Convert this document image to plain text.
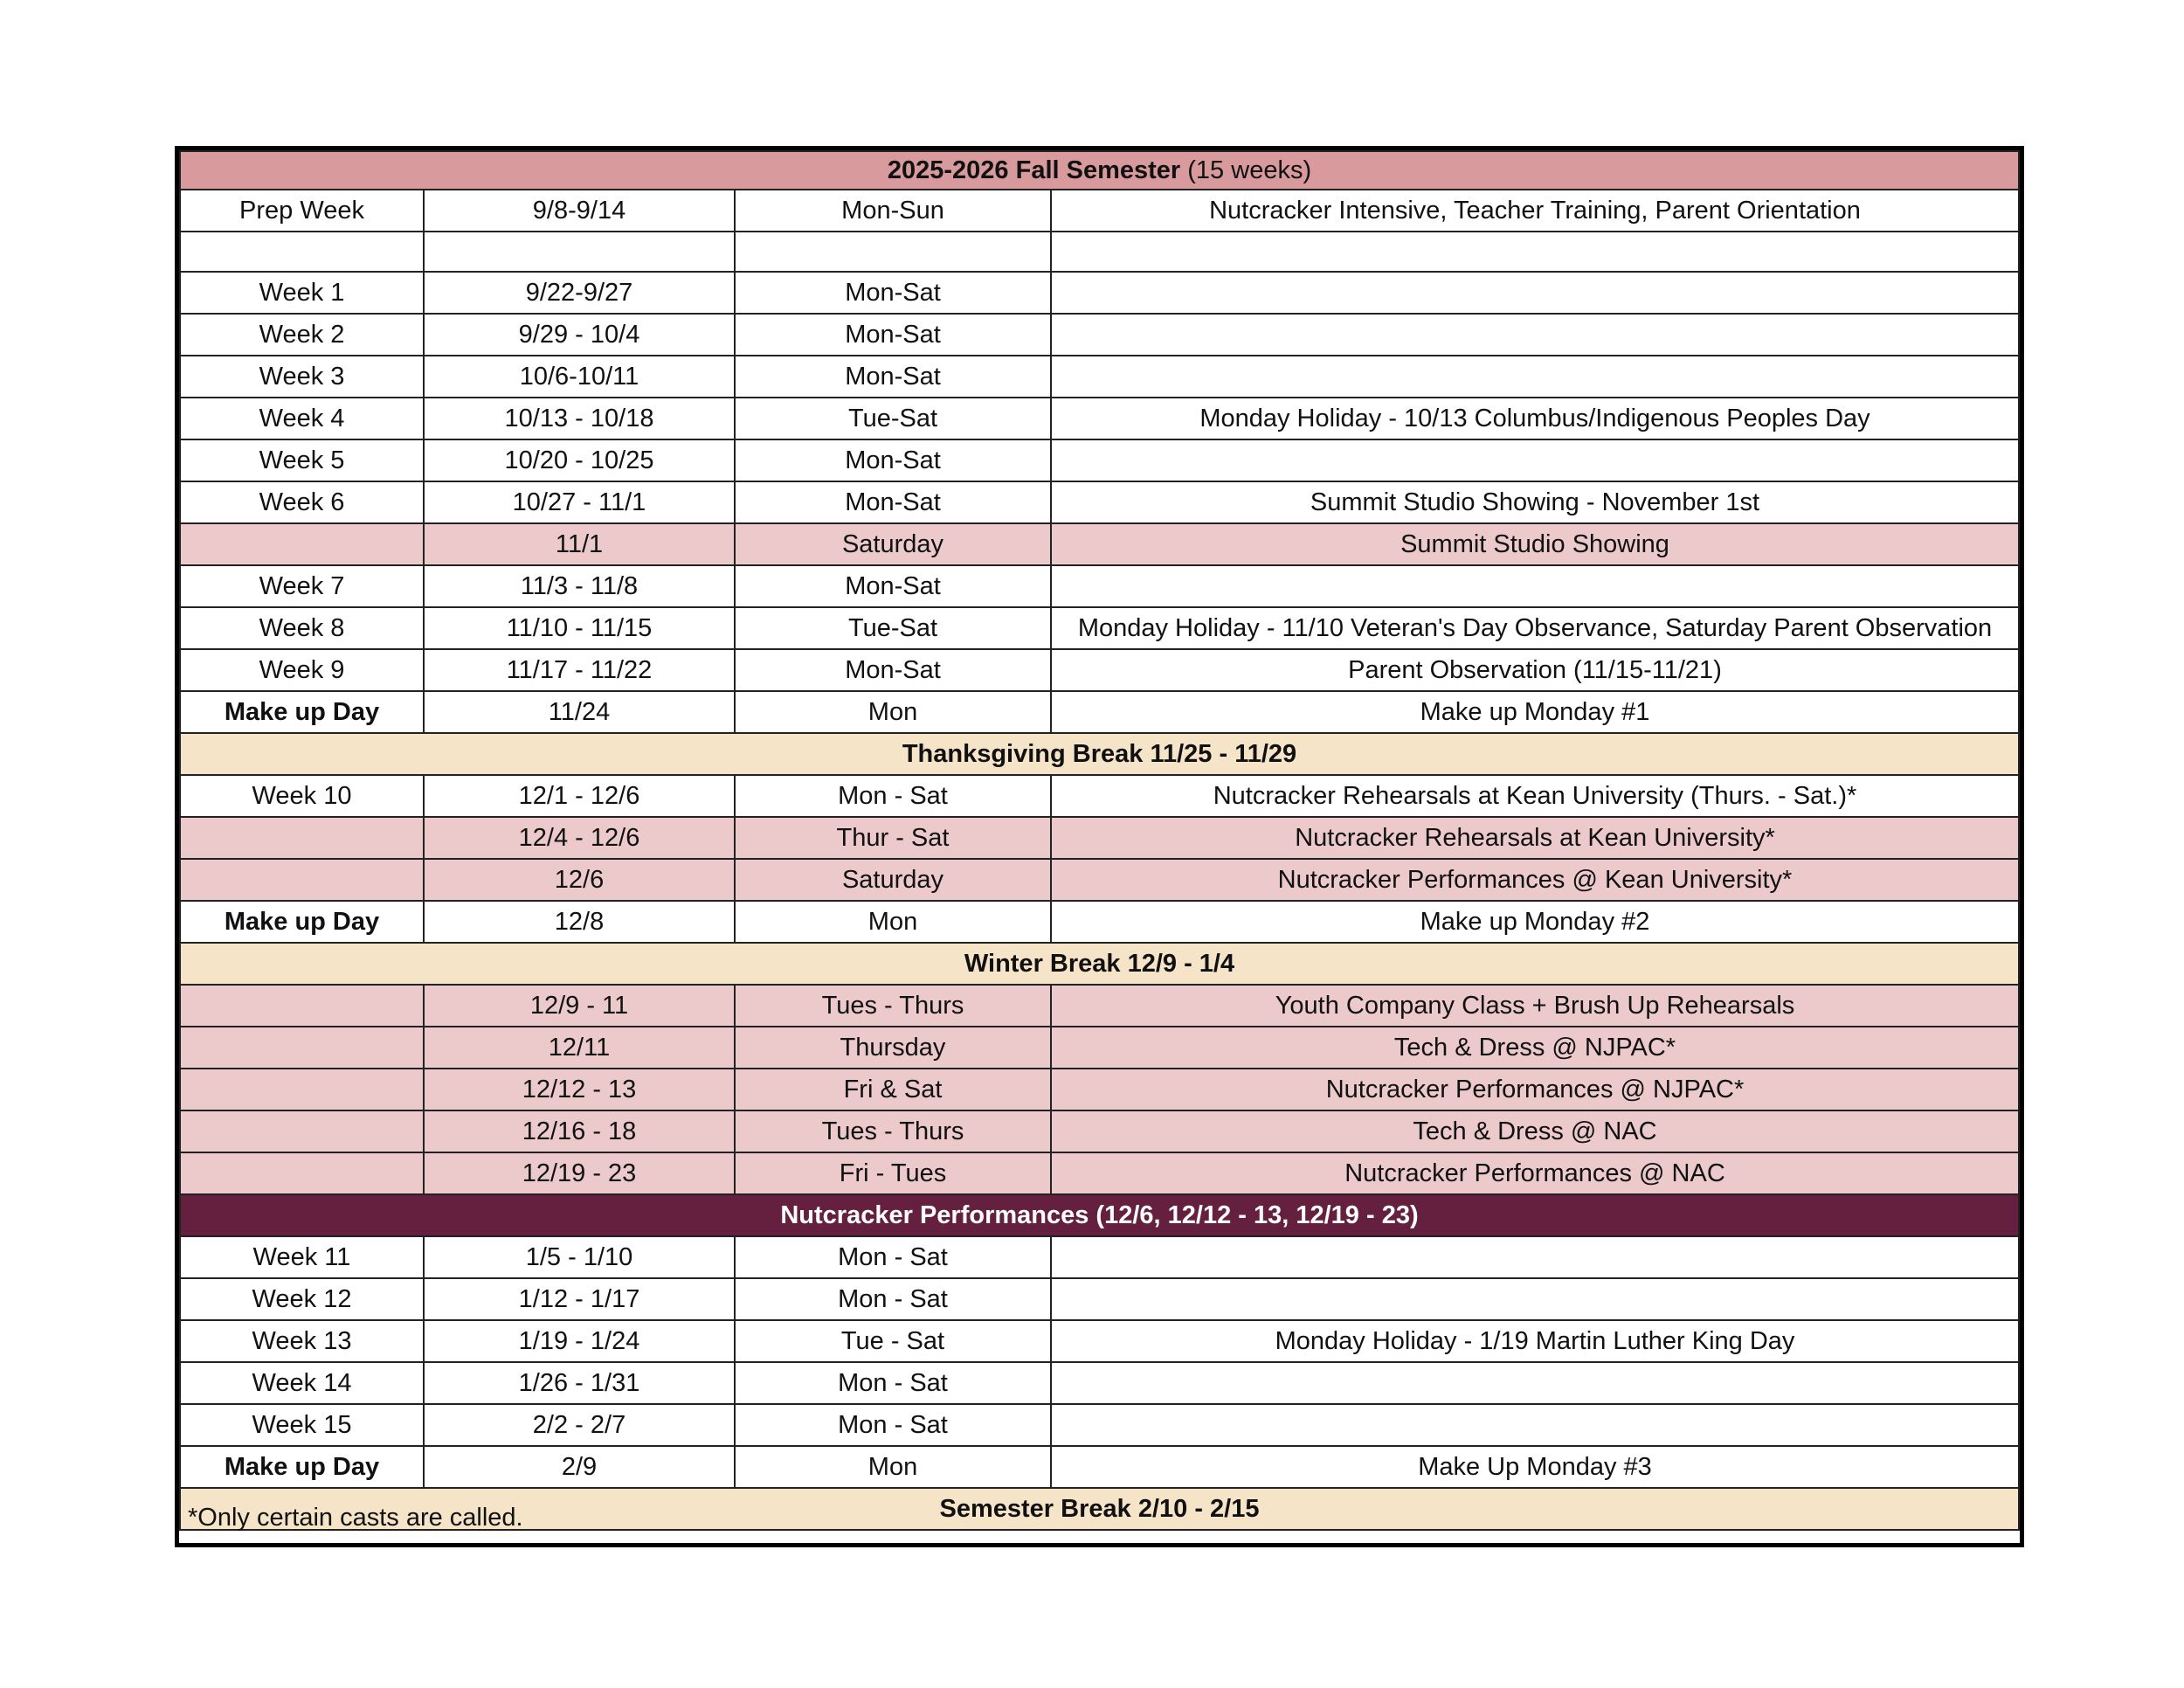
2025-2026 Fall Semester (15 weeks)			
Prep Week	9/8-9/14	Mon-Sun	Nutcracker Intensive, Teacher Training, Parent Orientation

Week 1	9/22-9/27	Mon-Sat	
Week 2	9/29 - 10/4	Mon-Sat	
Week 3	10/6-10/11	Mon-Sat	
Week 4	10/13 - 10/18	Tue-Sat	Monday Holiday - 10/13 Columbus/Indigenous Peoples Day
Week 5	10/20 - 10/25	Mon-Sat	
Week 6	10/27 - 11/1	Mon-Sat	Summit Studio Showing - November 1st
	11/1	Saturday	Summit Studio Showing
Week 7	11/3 - 11/8	Mon-Sat	
Week 8	11/10 - 11/15	Tue-Sat	Monday Holiday - 11/10 Veteran's Day Observance, Saturday Parent Observation
Week 9	11/17 - 11/22	Mon-Sat	Parent Observation (11/15-11/21)
Make up Day	11/24	Mon	Make up Monday #1
Thanksgiving Break 11/25 - 11/29			
Week 10	12/1 - 12/6	Mon - Sat	Nutcracker Rehearsals at Kean University (Thurs. - Sat.)*
	12/4 - 12/6	Thur - Sat	Nutcracker Rehearsals at Kean University*
	12/6	Saturday	Nutcracker Performances @ Kean University*
Make up Day	12/8	Mon	Make up Monday #2
Winter Break 12/9 - 1/4			
	12/9 - 11	Tues - Thurs	Youth Company Class + Brush Up Rehearsals
	12/11	Thursday	Tech & Dress @ NJPAC*
	12/12 - 13	Fri & Sat	Nutcracker Performances @ NJPAC*
	12/16 - 18	Tues - Thurs	Tech & Dress @ NAC
	12/19 - 23	Fri - Tues	Nutcracker Performances @ NAC
Nutcracker Performances (12/6, 12/12 - 13, 12/19 - 23)			
Week 11	1/5 - 1/10	Mon - Sat	
Week 12	1/12 - 1/17	Mon - Sat	
Week 13	1/19 - 1/24	Tue - Sat	Monday Holiday - 1/19 Martin Luther King Day
Week 14	1/26 - 1/31	Mon - Sat	
Week 15	2/2 - 2/7	Mon - Sat	
Make up Day	2/9	Mon	Make Up Monday #3
Semester Break 2/10 - 2/15			
*Only certain casts are called.
